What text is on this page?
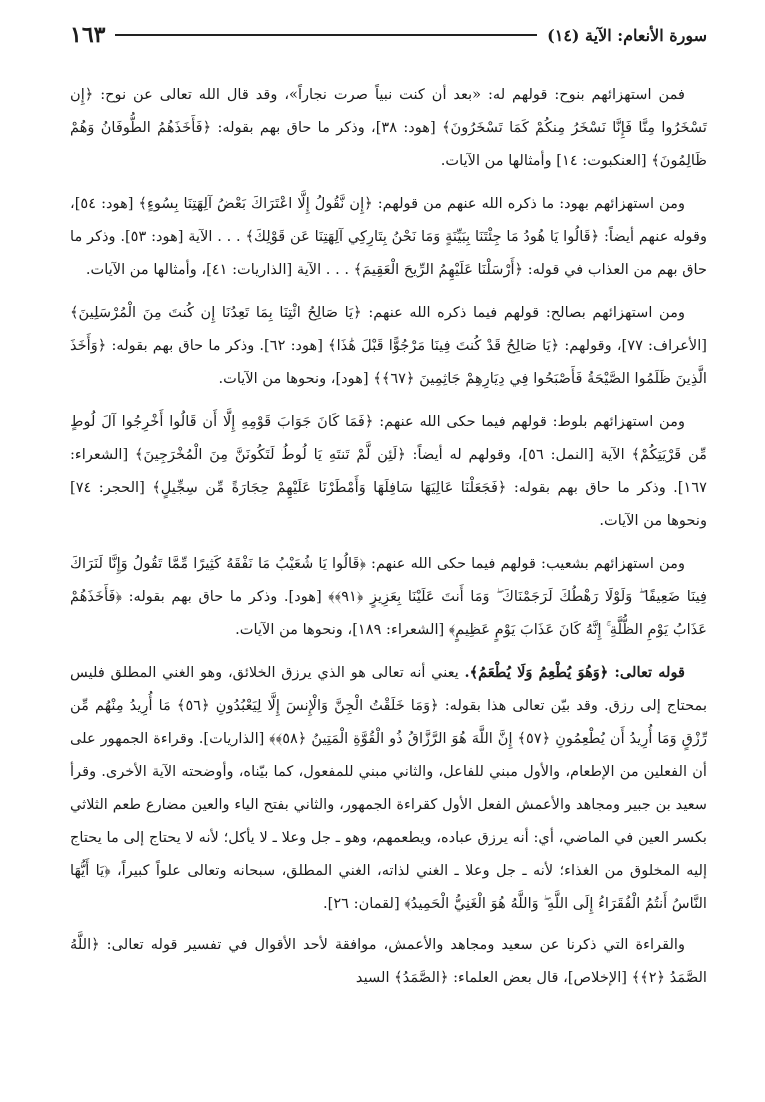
سورة الأنعام: الآية (١٤)
١٦٣

فمن استهزائهم بنوح: قولهم له: «بعد أن كنت نبياً صرت نجاراً»، وقد قال الله تعالى عن نوح: ﴿إِن تَسْخَرُوا مِنَّا فَإِنَّا نَسْخَرُ مِنكُمْ كَمَا تَسْخَرُونَ﴾ [هود: ٣٨]، وذكر ما حاق بهم بقوله: ﴿فَأَخَذَهُمُ الطُّوفَانُ وَهُمْ ظَالِمُونَ﴾ [العنكبوت: ١٤] وأمثالها من الآيات.

ومن استهزائهم بهود: ما ذكره الله عنهم من قولهم: ﴿إِن نَّقُولُ إِلَّا اعْتَرَاكَ بَعْضُ آلِهَتِنَا بِسُوءٍ﴾ [هود: ٥٤]، وقوله عنهم أيضاً: ﴿قَالُوا يَا هُودُ مَا جِئْتَنَا بِبَيِّنَةٍ وَمَا نَحْنُ بِتَارِكِي آلِهَتِنَا عَن قَوْلِكَ﴾ . . . الآية [هود: ٥٣]. وذكر ما حاق بهم من العذاب في قوله: ﴿أَرْسَلْنَا عَلَيْهِمُ الرِّيحَ الْعَقِيمَ﴾ . . . الآية [الذاريات: ٤١]، وأمثالها من الآيات.

ومن استهزائهم بصالح: قولهم فيما ذكره الله عنهم: ﴿يَا صَالِحُ ائْتِنَا بِمَا تَعِدُنَا إِن كُنتَ مِنَ الْمُرْسَلِينَ﴾ [الأعراف: ٧٧]، وقولهم: ﴿يَا صَالِحُ قَدْ كُنتَ فِينَا مَرْجُوًّا قَبْلَ هَٰذَا﴾ [هود: ٦٢]. وذكر ما حاق بهم بقوله: ﴿وَأَخَذَ الَّذِينَ ظَلَمُوا الصَّيْحَةُ فَأَصْبَحُوا فِي دِيَارِهِمْ جَاثِمِينَ ﴿٦٧﴾﴾ [هود]، ونحوها من الآيات.

ومن استهزائهم بلوط: قولهم فيما حكى الله عنهم: ﴿فَمَا كَانَ جَوَابَ قَوْمِهِ إِلَّا أَن قَالُوا أَخْرِجُوا آلَ لُوطٍ مِّن قَرْيَتِكُمْ﴾ الآية [النمل: ٥٦]، وقولهم له أيضاً: ﴿لَئِن لَّمْ تَنتَهِ يَا لُوطُ لَتَكُونَنَّ مِنَ الْمُخْرَجِينَ﴾ [الشعراء: ١٦٧]. وذكر ما حاق بهم بقوله: ﴿فَجَعَلْنَا عَالِيَهَا سَافِلَهَا وَأَمْطَرْنَا عَلَيْهِمْ حِجَارَةً مِّن سِجِّيلٍ﴾ [الحجر: ٧٤] ونحوها من الآيات.

ومن استهزائهم بشعيب: قولهم فيما حكى الله عنهم: ﴿قَالُوا يَا شُعَيْبُ مَا نَفْقَهُ كَثِيرًا مِّمَّا تَقُولُ وَإِنَّا لَنَرَاكَ فِينَا ضَعِيفًا ۖ وَلَوْلَا رَهْطُكَ لَرَجَمْنَاكَ ۖ وَمَا أَنتَ عَلَيْنَا بِعَزِيزٍ ﴿٩١﴾﴾ [هود]. وذكر ما حاق بهم بقوله: ﴿فَأَخَذَهُمْ عَذَابُ يَوْمِ الظُّلَّةِ ۚ إِنَّهُ كَانَ عَذَابَ يَوْمٍ عَظِيمٍ﴾ [الشعراء: ١٨٩]، ونحوها من الآيات.

قوله تعالى: ﴿وَهُوَ يُطْعِمُ وَلَا يُطْعَمُ﴾. يعني أنه تعالى هو الذي يرزق الخلائق، وهو الغني المطلق فليس بمحتاج إلى رزق. وقد بيّن تعالى هذا بقوله: ﴿وَمَا خَلَقْتُ الْجِنَّ وَالْإِنسَ إِلَّا لِيَعْبُدُونِ ﴿٥٦﴾ مَا أُرِيدُ مِنْهُم مِّن رِّزْقٍ وَمَا أُرِيدُ أَن يُطْعِمُونِ ﴿٥٧﴾ إِنَّ اللَّهَ هُوَ الرَّزَّاقُ ذُو الْقُوَّةِ الْمَتِينُ ﴿٥٨﴾﴾ [الذاريات]. وقراءة الجمهور على أن الفعلين من الإطعام، والأول مبني للفاعل، والثاني مبني للمفعول، كما بيّناه، وأوضحته الآية الأخرى. وقرأ سعيد بن جبير ومجاهد والأعمش الفعل الأول كقراءة الجمهور، والثاني بفتح الياء والعين مضارع طعم الثلاثي بكسر العين في الماضي، أي: أنه يرزق عباده، ويطعمهم، وهو ـ جل وعلا ـ لا يأكل؛ لأنه لا يحتاج إلى ما يحتاج إليه المخلوق من الغذاء؛ لأنه ـ جل وعلا ـ الغني لذاته، الغني المطلق، سبحانه وتعالى علواً كبيراً، ﴿يَا أَيُّهَا النَّاسُ أَنتُمُ الْفُقَرَاءُ إِلَى اللَّهِ ۖ وَاللَّهُ هُوَ الْغَنِيُّ الْحَمِيدُ﴾ [لقمان: ٢٦].

والقراءة التي ذكرنا عن سعيد ومجاهد والأعمش، موافقة لأحد الأقوال في تفسير قوله تعالى: ﴿اللَّهُ الصَّمَدُ ﴿٢﴾﴾ [الإخلاص]، قال بعض العلماء: ﴿الصَّمَدُ﴾ السيد
